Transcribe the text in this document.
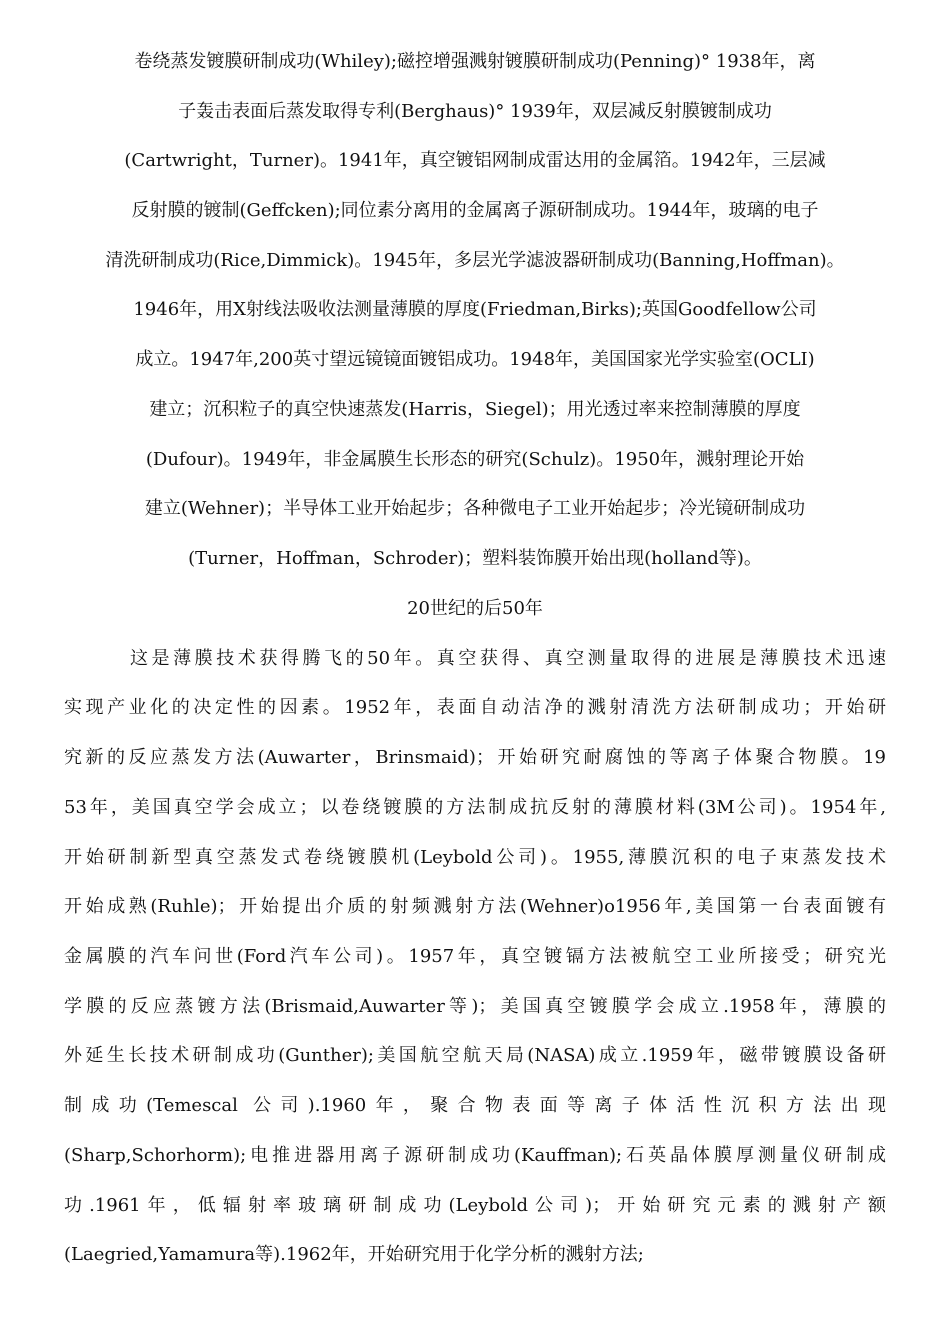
卷绕蒸发镀膜研制成功(Whiley);磁控增强溅射镀膜研制成功(Penning)° 1938年，离
子轰击表面后蒸发取得专利(Berghaus)° 1939年，双层减反射膜镀制成功
(Cartwright，Turner)。1941年，真空镀铝网制成雷达用的金属箔。1942年，三层减
反射膜的镀制(Geffcken);同位素分离用的金属离子源研制成功。1944年，玻璃的电子
清洗研制成功(Rice,Dimmick)。1945年，多层光学滤波器研制成功(Banning,Hoffman)。
1946年，用X射线法吸收法测量薄膜的厚度(Friedman,Birks);英国Goodfellow公司
成立。1947年,200英寸望远镜镜面镀铝成功。1948年，美国国家光学实验室(OCLI)
建立；沉积粒子的真空快速蒸发(Harris，Siegel)；用光透过率来控制薄膜的厚度
(Dufour)。1949年，非金属膜生长形态的研究(Schulz)。1950年，溅射理论开始
建立(Wehner)；半导体工业开始起步；各种微电子工业开始起步；冷光镜研制成功
(Turner，Hoffman，Schroder)；塑料装饰膜开始出现(holland等)。
20世纪的后50年
这是薄膜技术获得腾飞的50年。真空获得、真空测量取得的进展是薄膜技术迅速
实现产业化的决定性的因素。1952年，表面自动洁净的溅射清洗方法研制成功；开始研
究新的反应蒸发方法(Auwarter，Brinsmaid)；开始研究耐腐蚀的等离子体聚合物膜。19
53年，美国真空学会成立；以卷绕镀膜的方法制成抗反射的薄膜材料(3M公司)。1954年,
开始研制新型真空蒸发式卷绕镀膜机(Leybold公司)。1955,薄膜沉积的电子束蒸发技术
开始成熟(Ruhle)；开始提出介质的射频溅射方法(Wehner)o1956年,美国第一台表面镀有
金属膜的汽车问世(Ford汽车公司)。1957年，真空镀镉方法被航空工业所接受；研究光
学膜的反应蒸镀方法(Brismaid,Auwarter等)；美国真空镀膜学会成立.1958年，薄膜的
外延生长技术研制成功(Gunther);美国航空航天局(NASA)成立.1959年，磁带镀膜设备研
制成功(Temescal 公司).1960年，聚合物表面等离子体活性沉积方法出现
(Sharp,Schorhorm);电推进器用离子源研制成功(Kauffman);石英晶体膜厚测量仪研制成
功.1961年，低辐射率玻璃研制成功(Leybold公司)；开始研究元素的溅射产额
(Laegried,Yamamura等).1962年，开始研究用于化学分析的溅射方法;
